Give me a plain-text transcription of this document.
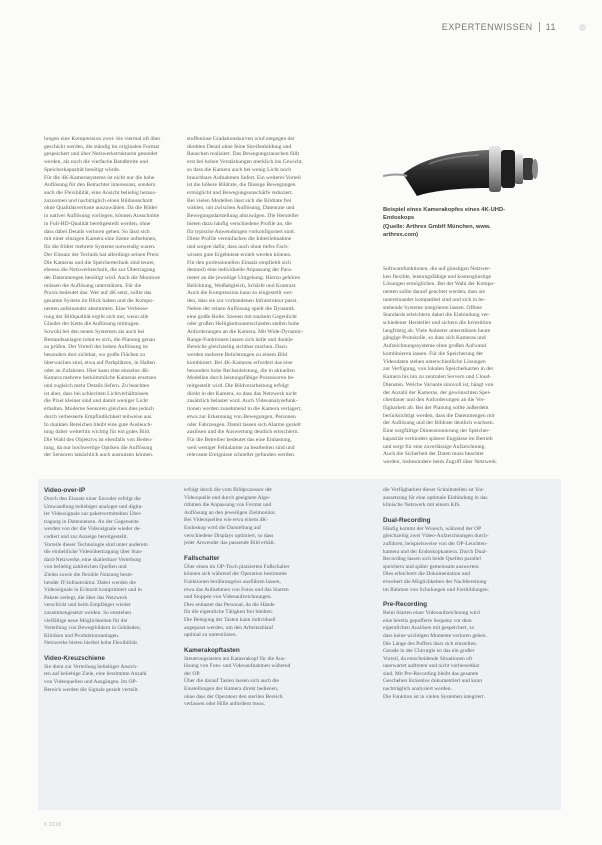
EXPERTENWISSEN 11

lungen eine Kompression zwei- bis viermal oft über

geschickt werden, die ständig im originalen Format

gespeichert und über Netzwerkstrukturen gesendet

werden, als noch die vierfache Bandbreite und

Speicherkapazität benötigt würde.

Für die 4K-Kamerasysteme ist nicht nur die hohe

Auflösung für den Betrachter interessant, sondern

auch die Flexibilität, eine Ansicht beliebig heraus-

zuzoomen und nachträglich einen Bildausschnitt

ohne Qualitätsverluste auszuwählen. Da die Bilder

in nativer Auflösung vorliegen, können Ausschnitte

in Full-HD-Qualität bereitgestellt werden, ohne

dass dabei Details verloren gehen. So lässt sich

mit einer einzigen Kamera eine Szene aufnehmen,

für die früher mehrere Systeme notwendig waren.

Der Einsatz der Technik hat allerdings seinen Preis:

Die Kameras und die Speichertechnik sind teurer,

ebenso die Netzwerktechnik, die zur Übertragung

der Datenmengen benötigt wird. Auch die Monitore

müssen die Auflösung unterstützen. Für die

Praxis bedeutet das: Wer auf 4K setzt, sollte das

gesamte System im Blick haben und die Kompo-

nenten aufeinander abstimmen. Eine Verbesse-

rung der Bildqualität ergibt sich nur, wenn alle

Glieder der Kette die Auflösung mittragen.

Sowohl bei den neuen Systemen als auch bei

Bestandsanlagen lohnt es sich, die Planung genau

zu prüfen. Der Vorteil der hohen Auflösung ist

besonders dort sichtbar, wo große Flächen zu

überwachen sind, etwa auf Parkplätzen, in Hallen

oder an Zufahrten. Hier kann eine einzelne 4K-

Kamera mehrere herkömmliche Kameras ersetzen

und zugleich mehr Details liefern. Zu beachten

ist aber, dass bei schlechten Lichtverhältnissen

die Pixel kleiner sind und damit weniger Licht

erhalten. Moderne Sensoren gleichen dies jedoch

durch verbesserte Empfindlichkeit teilweise aus.

In dunklen Bereichen bleibt eine gute Ausleuch-

tung daher weiterhin wichtig für ein gutes Bild.

Die Wahl des Objektivs ist ebenfalls von Bedeu-

tung, da nur hochwertige Optiken die Auflösung

der Sensoren tatsächlich auch ausnutzen können.

stuffenlose Gradationskurven wird entgegen der

direkten Detail ohne feine Streifenbildung und

Rauschen realisiert. Das Bewegungsrauschen fällt

erst bei hohen Verstärkungen merklich ins Gewicht,

so dass die Kamera auch bei wenig Licht noch

brauchbare Aufnahmen liefert. Ein weiterer Vorteil

ist die höhere Bildrate, die flüssige Bewegungen

ermöglicht und Bewegungsunschärfe reduziert.

Bei vielen Modellen lässt sich die Bildrate frei

wählen, um zwischen Auflösung, Datenrate und

Bewegungsdarstellung abzuwägen. Die Hersteller

bieten dazu häufig verschiedene Profile an, die

für typische Anwendungen vorkonfiguriert sind.

Diese Profile vereinfachen die Inbetriebnahme

und sorgen dafür, dass auch ohne tiefes Fach-

wissen gute Ergebnisse erzielt werden können.

Für den professionellen Einsatz empfiehlt sich

dennoch eine individuelle Anpassung der Para-

meter an die jeweilige Umgebung. Hierzu gehören

Belichtung, Weißabgleich, Schärfe und Kontrast.

Auch die Kompression kann so eingestellt wer-

den, dass sie zur vorhandenen Infrastruktur passt.

Neben der reinen Auflösung spielt die Dynamik

eine große Rolle. Szenen mit starkem Gegenlicht

oder großen Helligkeitsunterschieden stellen hohe

Anforderungen an die Kamera. Mit Wide-Dynamic-

Range-Funktionen lassen sich helle und dunkle

Bereiche gleichzeitig sichtbar machen. Dazu

werden mehrere Belichtungen zu einem Bild

kombiniert. Bei 4K-Kameras erfordert das eine

besonders hohe Rechenleistung, die in aktuellen

Modellen durch leistungsfähige Prozessoren be-

reitgestellt wird. Die Bildverarbeitung erfolgt

direkt in der Kamera, so dass das Netzwerk nicht

zusätzlich belastet wird. Auch Videoanalysefunk-

tionen werden zunehmend in die Kamera verlagert,

etwa zur Erkennung von Bewegungen, Personen

oder Fahrzeugen. Damit lassen sich Alarme gezielt

auslösen und die Auswertung deutlich erleichtern.

Für die Betreiber bedeutet das eine Entlastung,

weil weniger Fehlalarme zu bearbeiten sind und

relevante Ereignisse schneller gefunden werden.

Beispiel eines Kamerakopfes eines 4K-UHD-
Endoskops
(Quelle: Arthrex GmbH München, www.
arthrex.com)

Softwarefunktionen, die auf günstigen Netzwer-

ken flexible, leistungsfähige und kostengünstige

Lösungen ermöglichen. Bei der Wahl der Kompo-

nenten sollte darauf geachtet werden, dass sie

untereinander kompatibel sind und sich in be-

stehende Systeme integrieren lassen. Offene

Standards erleichtern dabei die Einbindung ver-

schiedener Hersteller und sichern die Investition

langfristig ab. Viele Anbieter unterstützen heute

gängige Protokolle, so dass sich Kameras und

Aufzeichnungssysteme ohne großen Aufwand

kombinieren lassen. Für die Speicherung der

Videodaten stehen unterschiedliche Lösungen

zur Verfügung, von lokalen Speicherkarten in der

Kamera bis hin zu zentralen Servern und Cloud-

Diensten. Welche Variante sinnvoll ist, hängt von

der Anzahl der Kameras, der gewünschten Spei-

cherdauer und den Anforderungen an die Ver-

fügbarkeit ab. Bei der Planung sollte außerdem

berücksichtigt werden, dass die Datenmengen mit

der Auflösung und der Bildrate deutlich wachsen.

Eine sorgfältige Dimensionierung der Speicher-

kapazität verhindert spätere Engpässe im Betrieb

und sorgt für eine zuverlässige Aufzeichnung.

Auch die Sicherheit der Daten muss beachtet

werden, insbesondere beim Zugriff über Netzwerk.

Video-over-IP

Durch den Einsatz einer Encoder erfolgt die

Umwandlung beliebiger analoger und digita-

ler Videosignale zur paketvermittelten Über-

tragung in Datennetzen. An der Gegenseite

werden von der die Videosignale wieder de-

codiert und zur Anzeige bereitgestellt.

Vorteile dieser Technologie sind unter anderem

die einheitliche Videoübertragung über Stan-

dard-Netzwerke, eine skalierbare Verteilung

von beliebig zahlreichen Quellen und

Zielen sowie die flexible Nutzung beste-

hender IT-Infrastruktur. Dabei werden die

Videosignale in Echtzeit komprimiert und in

Pakete zerlegt, die über das Netzwerk

verschickt und beim Empfänger wieder

zusammengesetzt werden. So entstehen

vielfältige neue Möglichkeiten für die

Verteilung von Bewegtbildern in Gebäuden,

Kliniken und Produktionsanlagen.

Netzwerke bieten hierbei hohe Flexibilität.

Video-Kreuzschiene

Sie dient zur Verteilung beliebiger Ansich-

ten auf beliebige Ziele, eine bestimmte Anzahl

von Videoquellen und Ausgängen. Im OP-

Bereich werden die Signale gezielt verteilt.

erfolgt durch die vom Bildprozessor der

Videoquelle und durch geeignete Algo-

rithmen die Anpassung von Format und

Auflösung an den jeweiligen Zielmonitor.

Bei Videoquellen wie etwa einem 4K-

Endoskop wird die Darstellung auf

verschiedene Displays optimiert, so dass

jeder Anwender das passende Bild erhält.

Fallschalter

Über einen im OP-Tisch platzierten Fußschalter

können sich während der Operation bestimmte

Funktionen berührungslos ausführen lassen,

etwa das Aufnehmen von Fotos und das Starten

und Stoppen von Videoaufzeichnungen.

Dies entlastet das Personal, da die Hände

für die eigentliche Tätigkeit frei bleiben.

Die Belegung der Tasten kann individuell

angepasst werden, um den Arbeitsablauf

optimal zu unterstützen.

Kamerakopftasten

Steuerungstasten am Kamerakopf für die Aus-

lösung von Foto- und Videoaufnahmen während

der OP.

Über die darauf Tasten lassen sich auch die

Einstellungen der Kamera direkt bedienen,

ohne dass der Operateur den sterilen Bereich

verlassen oder Hilfe anfordern muss.

die Verfügbarkeit dieser Schnittstellen ist Vor-

aussetzung für eine optimale Einbindung in das

klinische Netzwerk mit einem KIS.

Dual-Recording

Häufig kommt der Wunsch, während der OP

gleichzeitig zwei Video-Aufzeichnungen durch-

zuführen, beispielsweise von der OP-Leuchten-

kamera und der Endoskopkamera. Durch Dual-

Recording lassen sich beide Quellen parallel

speichern und später gemeinsam auswerten.

Dies erleichtert die Dokumentation und

erweitert die Möglichkeiten der Nachbereitung

im Rahmen von Schulungen und Fortbildungen.

Pre-Recording

Beim Starten einer Videoaufzeichnung wird

eine bereits gepufferte Sequenz vor dem

eigentlichen Auslösen mit gespeichert, so

dass keine wichtigen Momente verloren gehen.

Die Länge des Puffers lässt sich einstellen.

Gerade in der Chirurgie ist das ein großer

Vorteil, da entscheidende Situationen oft

unerwartet auftreten und nicht vorhersehbar

sind. Mit Pre-Recording bleibt das gesamte

Geschehen lückenlos dokumentiert und kann

nachträglich analysiert werden.

Die Funktion ist in vielen Systemen integriert.

6 2018
